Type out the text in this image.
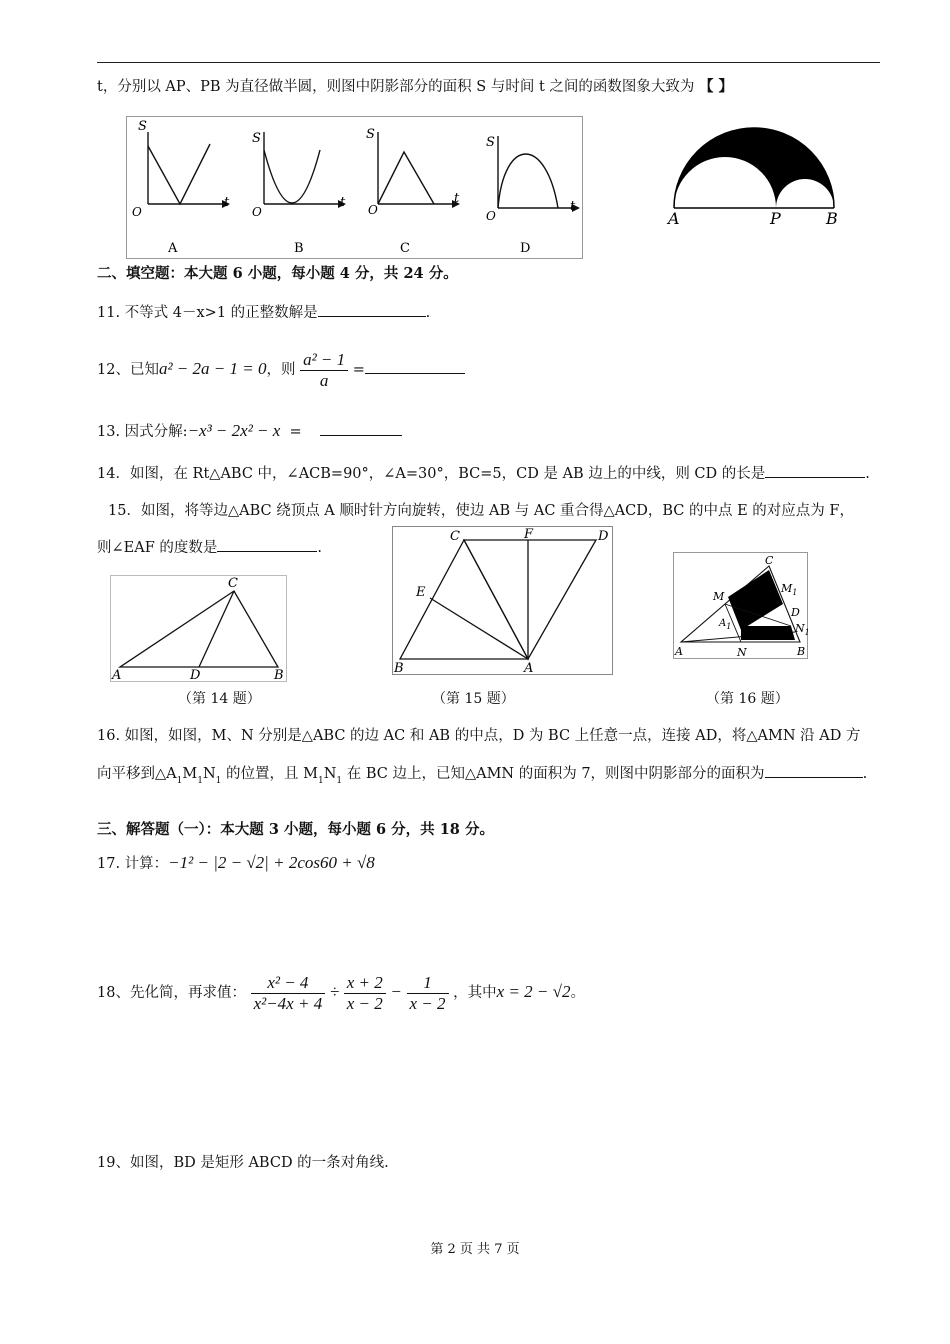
t，分别以 AP、PB 为直径做半圆，则图中阴影部分的面积 S 与时间 t 之间的函数图象大致为 【 】
S
t
O
A
S
t
O
B
S
t
O
C
S
t
O
D
A	P	B
二、填空题：本大题 6 小题，每小题 4 分，共 24 分。
11. 不等式 4－x>1 的正整数解是	.
12、已知a² − 2a − 1 = 0，则 $\frac{\text{a² − 1}}{a}$ =
13. 因式分解:−x³ − 2x² − x =
14．如图，在 Rt△ABC 中，∠ACB=90°，∠A=30°，BC=5，CD 是 AB 边上的中线，则 CD 的长是	.
15．如图，将等边△ABC 绕顶点 A 顺时针方向旋转，使边 AB 与 AC 重合得△ACD，BC 的中点 E 的对应点为 F，
则∠EAF 的度数是	.
C
A	D	B
（第 14 题）
C	F	D
E
B	A
（第 15 题）
C
M
$M_1$
D
$A_1$	$N_1$
A	N	B
（第 16 题）
16. 如图，如图，M、N 分别是△ABC 的边 AC 和 AB 的中点，D 为 BC 上任意一点，连接 AD，将△AMN 沿 AD 方
向平移到$\triangle A_1M_1N_1$ 的位置，且 $M_1N_1$ 在 BC 边上，已知△AMN 的面积为 7，则图中阴影部分的面积为	.
三、解答题（一）：本大题 3 小题，每小题 6 分，共 18 分。
17. 计算：−1² − |2 − √2| + 2cos60 + √8
18、先化简，再求值： $\frac{\text{x² − 4}}{\text{x²−4x + 4}} \div \frac{x + 2}{x - 2} - \frac{1}{x - 2}$ ，其中x = 2 − √2。
19、如图，BD 是矩形 ABCD 的一条对角线.
第 2 页 共 7 页
